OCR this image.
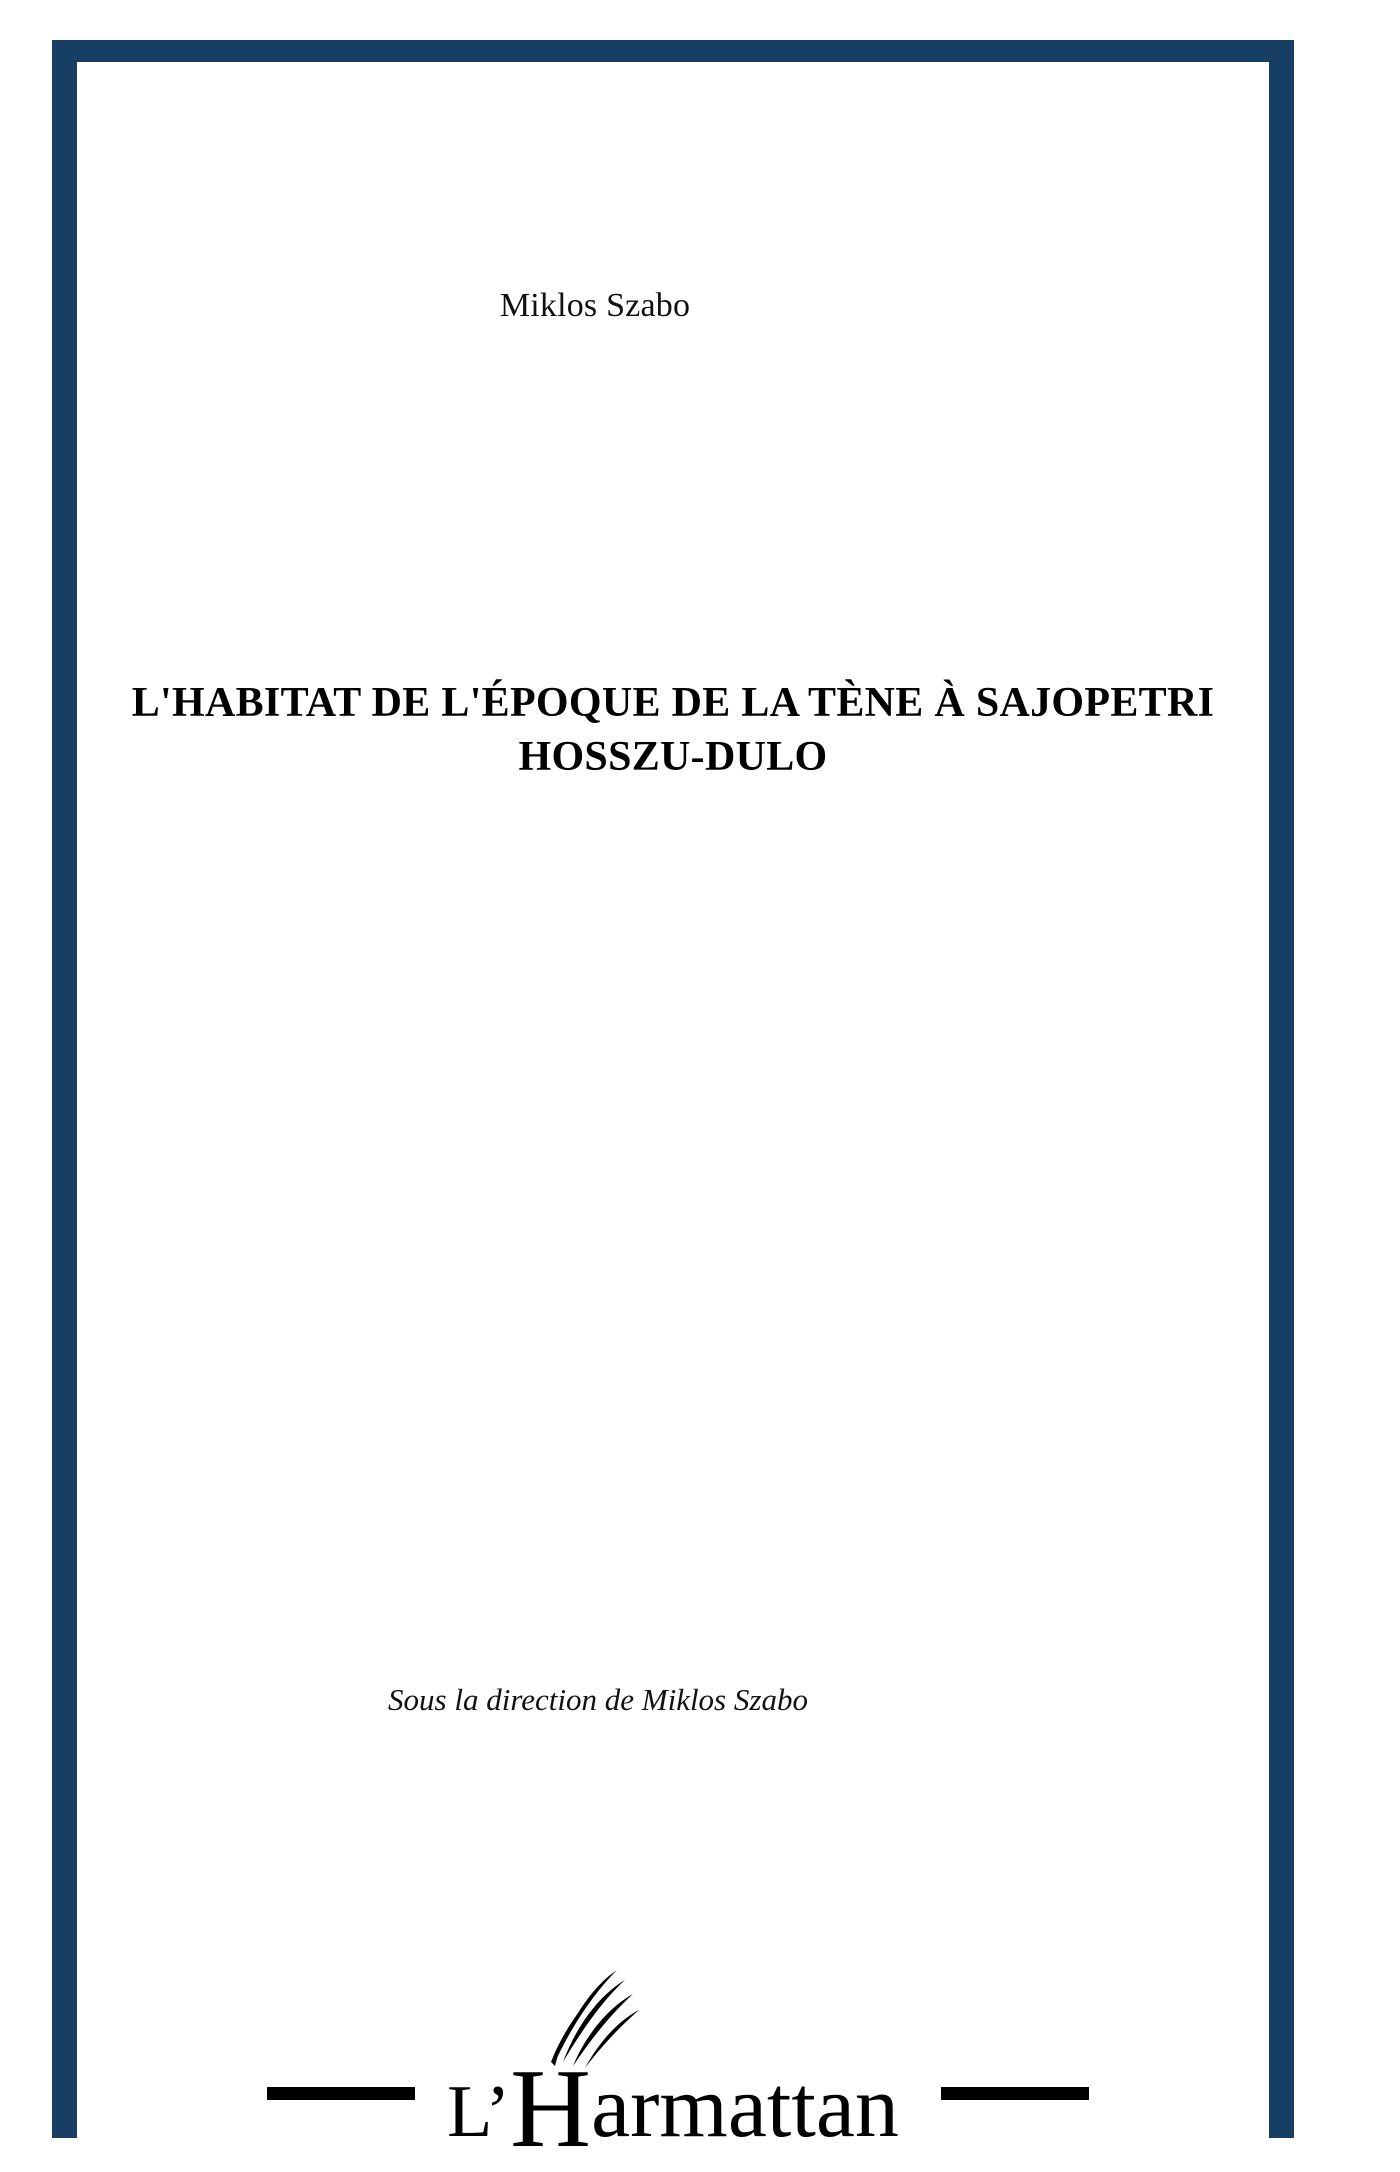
Miklos Szabo
L'HABITAT DE L'ÉPOQUE DE LA TÈNE À SAJOPETRI HOSSZU-DULO
Sous la direction de Miklos Szabo
L’Harmattan
